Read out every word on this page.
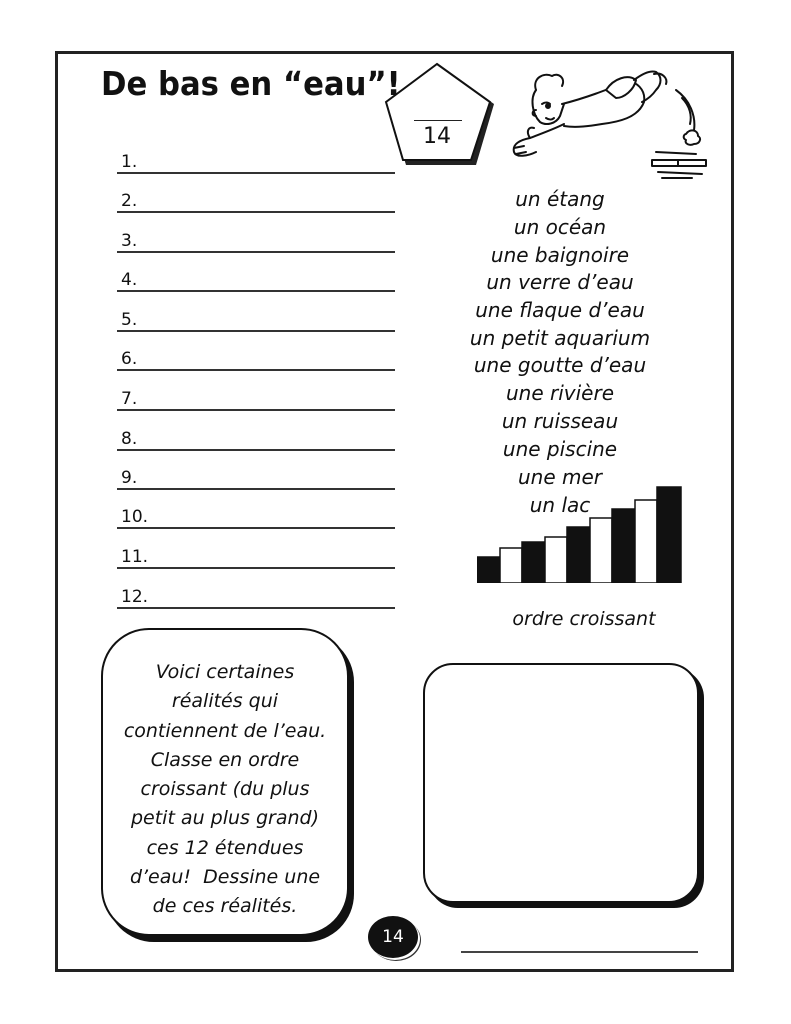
De bas en “eau”!
14
1.
2.
3.
4.
5.
6.
7.
8.
9.
10.
11.
12.
un étang
un océan
une baignoire
un verre d’eau
une flaque d’eau
un petit aquarium
une goutte d’eau
une rivière
un ruisseau
une piscine
une mer
un lac
ordre croissant
Voici certaines
réalités qui
contiennent de l’eau.
Classe en ordre
croissant (du plus
petit au plus grand)
ces 12 étendues
d’eau!  Dessine une
de ces réalités.
14
